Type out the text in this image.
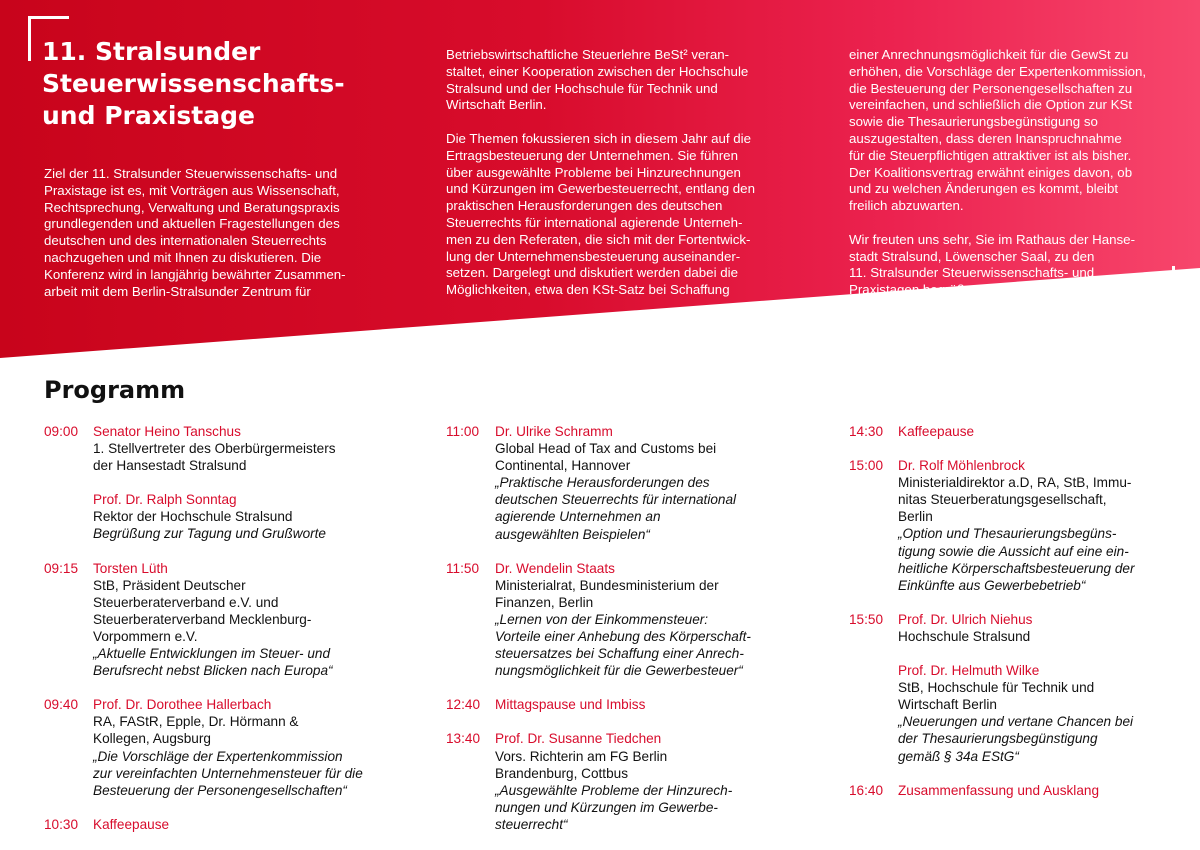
11. Stralsunder
Steuerwissenschafts-
und Praxistage

Ziel der 11. Stralsunder Steuerwissenschafts- und
Praxistage ist es, mit Vorträgen aus Wissenschaft,
Rechtsprechung, Verwaltung und Beratungspraxis
grundlegenden und aktuellen Fragestellungen des
deutschen und des internationalen Steuerrechts
nachzugehen und mit Ihnen zu diskutieren. Die
Konferenz wird in langjährig bewährter Zusammen-
arbeit mit dem Berlin-Stralsunder Zentrum für

Betriebswirtschaftliche Steuerlehre BeSt² veran-
staltet, einer Kooperation zwischen der Hochschule
Stralsund und der Hochschule für Technik und
Wirtschaft Berlin.

Die Themen fokussieren sich in diesem Jahr auf die
Ertragsbesteuerung der Unternehmen. Sie führen
über ausgewählte Probleme bei Hinzurechnungen
und Kürzungen im Gewerbesteuerrecht, entlang den
praktischen Herausforderungen des deutschen
Steuerrechts für international agierende Unterneh-
men zu den Referaten, die sich mit der Fortentwick-
lung der Unternehmensbesteuerung auseinander-
setzen. Dargelegt und diskutiert werden dabei die
Möglichkeiten, etwa den KSt-Satz bei Schaffung

einer Anrechnungsmöglichkeit für die GewSt zu
erhöhen, die Vorschläge der Expertenkommission,
die Besteuerung der Personengesellschaften zu
vereinfachen, und schließlich die Option zur KSt
sowie die Thesaurierungsbegünstigung so
auszugestalten, dass deren Inanspruchnahme
für die Steuerpflichtigen attraktiver ist als bisher.
Der Koalitionsvertrag erwähnt einiges davon, ob
und zu welchen Änderungen es kommt, bleibt
freilich abzuwarten.

Wir freuten uns sehr, Sie im Rathaus der Hanse-
stadt Stralsund, Löwenscher Saal, zu den
11. Stralsunder Steuerwissenschafts- und
Praxistagen begrüßen zu dürfen!

Programm
09:00	Senator Heino Tanschus
1. Stellvertreter des Oberbürgermeisters
der Hansestadt Stralsund
Prof. Dr. Ralph Sonntag
Rektor der Hochschule Stralsund
Begrüßung zur Tagung und Grußworte
09:15	Torsten Lüth
StB, Präsident Deutscher
Steuerberaterverband e.V. und
Steuerberaterverband Mecklenburg-
Vorpommern e.V.
„Aktuelle Entwicklungen im Steuer- und
Berufsrecht nebst Blicken nach Europa“
09:40	Prof. Dr. Dorothee Hallerbach
RA, FAStR, Epple, Dr. Hörmann &
Kollegen, Augsburg
„Die Vorschläge der Expertenkommission
zur vereinfachten Unternehmensteuer für die
Besteuerung der Personengesellschaften“
10:30	Kaffeepause
11:00	Dr. Ulrike Schramm
Global Head of Tax and Customs bei
Continental, Hannover
„Praktische Herausforderungen des
deutschen Steuerrechts für international
agierende Unternehmen an
ausgewählten Beispielen“
11:50	Dr. Wendelin Staats
Ministerialrat, Bundesministerium der
Finanzen, Berlin
„Lernen von der Einkommensteuer:
Vorteile einer Anhebung des Körperschaft-
steuersatzes bei Schaffung einer Anrech-
nungsmöglichkeit für die Gewerbesteuer“
12:40	Mittagspause und Imbiss
13:40	Prof. Dr. Susanne Tiedchen
Vors. Richterin am FG Berlin
Brandenburg, Cottbus
„Ausgewählte Probleme der Hinzurech-
nungen und Kürzungen im Gewerbe-
steuerrecht“
14:30	Kaffeepause
15:00	Dr. Rolf Möhlenbrock
Ministerialdirektor a.D, RA, StB, Immu-
nitas Steuerberatungsgesellschaft,
Berlin
„Option und Thesaurierungsbegüns-
tigung sowie die Aussicht auf eine ein-
heitliche Körperschaftsbesteuerung der
Einkünfte aus Gewerbebetrieb“
15:50	Prof. Dr. Ulrich Niehus
Hochschule Stralsund
Prof. Dr. Helmuth Wilke
StB, Hochschule für Technik und
Wirtschaft Berlin
„Neuerungen und vertane Chancen bei
der Thesaurierungsbegünstigung
gemäß § 34a EStG“
16:40	Zusammenfassung und Ausklang
